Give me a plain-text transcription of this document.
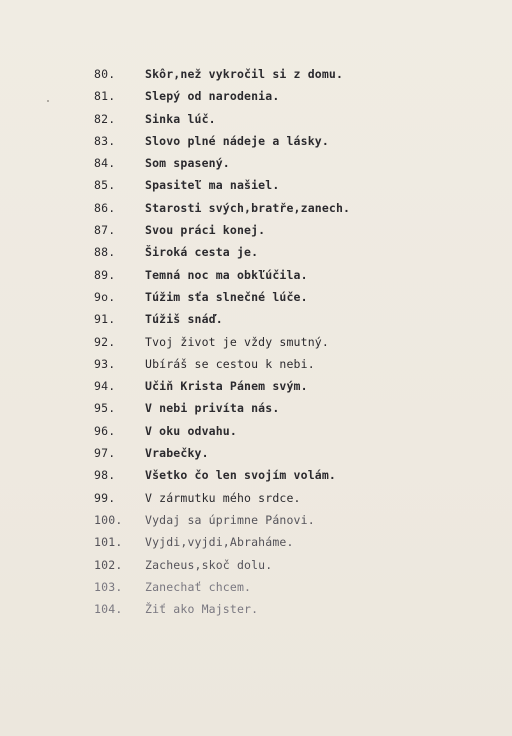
80.	Skôr,než vykročil si z domu.
81.	Slepý od narodenia.
82.	Sinka lúč.
83.	Slovo plné nádeje a lásky.
84.	Som spasený.
85.	Spasiteľ ma našiel.
86.	Starosti svých,bratře,zanech.
87.	Svou práci konej.
88.	Široká cesta je.
89.	Temná noc ma obkľúčila.
9o.	Túžim sťa slnečné lúče.
91.	Túžiš snáď.
92.	Tvoj život je vždy smutný.
93.	Ubíráš se cestou k nebi.
94.	Učiň Krista Pánem svým.
95.	V nebi privíta nás.
96.	V oku odvahu.
97.	Vrabečky.
98.	Všetko čo len svojím volám.
99.	V zármutku mého srdce.
100.	Vydaj sa úprimne Pánovi.
101.	Vyjdi,vyjdi,Abraháme.
102.	Zacheus,skoč dolu.
103.	Zanechať chcem.
104.	Žiť ako Majster.
